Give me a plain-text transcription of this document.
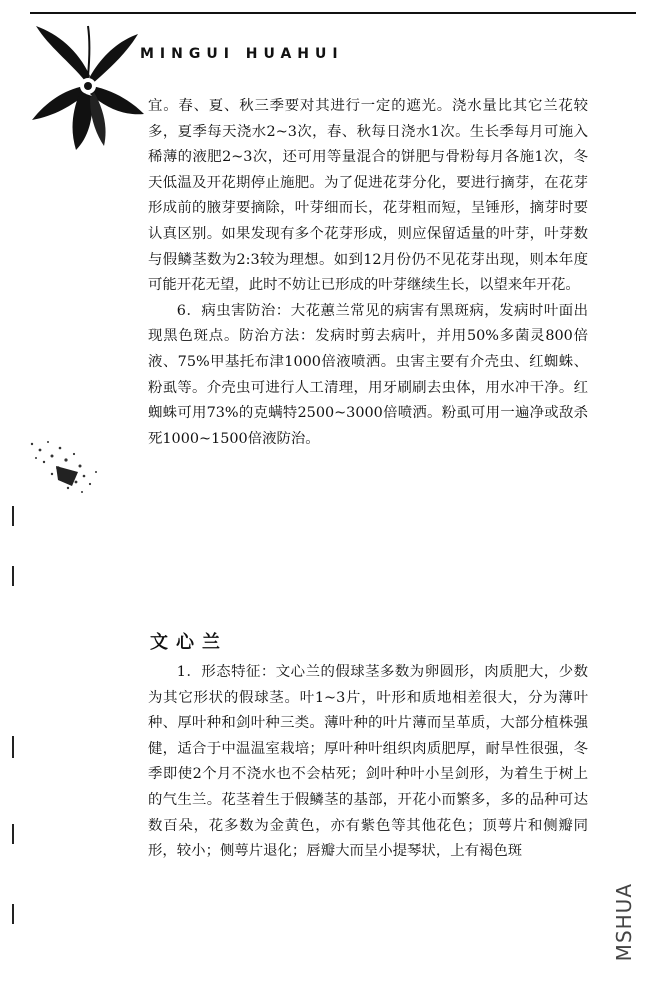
MINGUI HUAHUI

宜。春、夏、秋三季要对其进行一定的遮光。浇水量比其它兰花较多，夏季每天浇水2~3次，春、秋每日浇水1次。生长季每月可施入稀薄的液肥2~3次，还可用等量混合的饼肥与骨粉每月各施1次，冬天低温及开花期停止施肥。为了促进花芽分化，要进行摘芽，在花芽形成前的腋芽要摘除，叶芽细而长，花芽粗而短，呈锤形，摘芽时要认真区别。如果发现有多个花芽形成，则应保留适量的叶芽，叶芽数与假鳞茎数为2:3较为理想。如到12月份仍不见花芽出现，则本年度可能开花无望，此时不妨让已形成的叶芽继续生长，以望来年开花。

6．病虫害防治：大花蕙兰常见的病害有黑斑病，发病时叶面出现黑色斑点。防治方法：发病时剪去病叶，并用50%多菌灵800倍液、75%甲基托布津1000倍液喷洒。虫害主要有介壳虫、红蜘蛛、粉虱等。介壳虫可进行人工清理，用牙刷刷去虫体，用水冲干净。红蜘蛛可用73%的克螨特2500~3000倍喷洒。粉虱可用一遍净或敌杀死1000~1500倍液防治。

文心兰

1．形态特征：文心兰的假球茎多数为卵圆形，肉质肥大，少数为其它形状的假球茎。叶1~3片，叶形和质地相差很大，分为薄叶种、厚叶种和剑叶种三类。薄叶种的叶片薄而呈革质，大部分植株强健，适合于中温温室栽培；厚叶种叶组织肉质肥厚，耐旱性很强，冬季即使2个月不浇水也不会枯死；剑叶种叶小呈剑形，为着生于树上的气生兰。花茎着生于假鳞茎的基部，开花小而繁多，多的品种可达数百朵，花多数为金黄色，亦有紫色等其他花色；顶萼片和侧瓣同形，较小；侧萼片退化；唇瓣大而呈小提琴状，上有褐色斑

MSHUA
